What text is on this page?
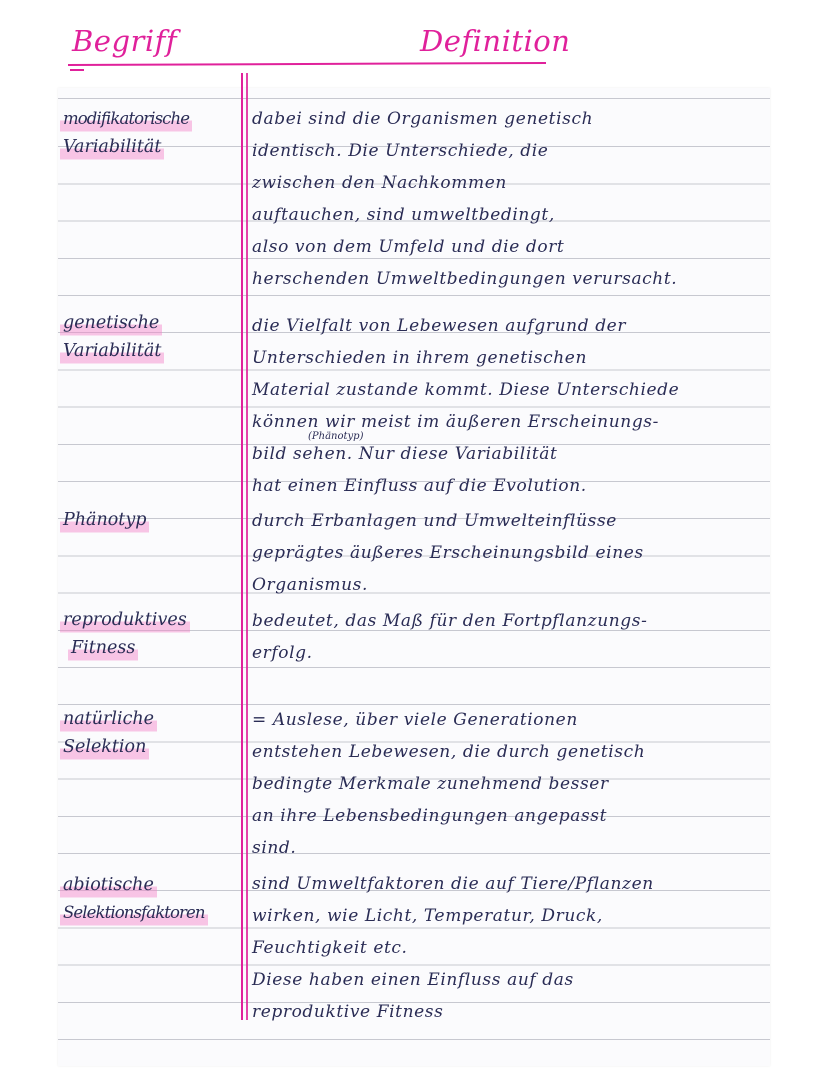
Begriff	Definition
modifikatorische
Variabilität
dabei sind die Organismen genetisch
identisch. Die Unterschiede, die
zwischen den Nachkommen
auftauchen, sind umweltbedingt,
also von dem Umfeld und die dort
herschenden Umweltbedingungen verursacht.
genetische
Variabilität
die Vielfalt von Lebewesen aufgrund der
Unterschieden in ihrem genetischen
Material zustande kommt. Diese Unterschiede
können wir meist im äußeren Erscheinungs-
bild sehen. Nur diese Variabilität
hat einen Einfluss auf die Evolution.
(Phänotyp)
Phänotyp	durch Erbanlagen und Umwelteinflüsse
geprägtes äußeres Erscheinungsbild eines
Organismus.
reproduktives
Fitness
bedeutet, das Maß für den Fortpflanzungs-
erfolg.
natürliche
Selektion
= Auslese, über viele Generationen
entstehen Lebewesen, die durch genetisch
bedingte Merkmale zunehmend besser
an ihre Lebensbedingungen angepasst
sind.
abiotische
Selektionsfaktoren
sind Umweltfaktoren die auf Tiere/Pflanzen
wirken, wie Licht, Temperatur, Druck,
Feuchtigkeit etc.
Diese haben einen Einfluss auf das
reproduktive Fitness
